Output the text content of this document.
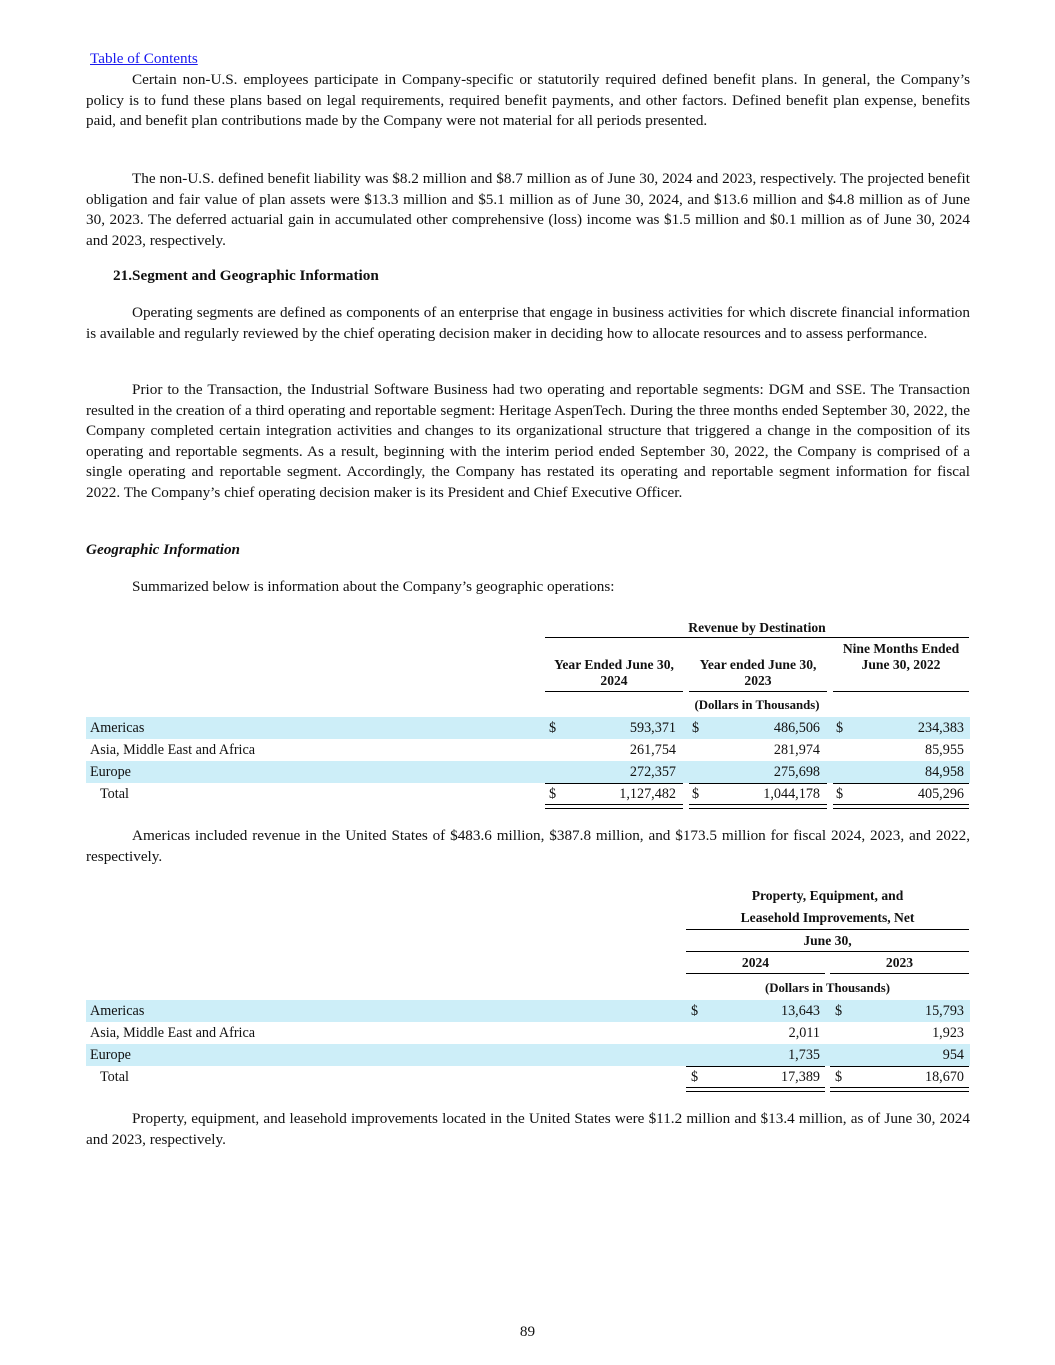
Table of Contents

Certain non-U.S. employees participate in Company-specific or statutorily required defined benefit plans. In general, the Company’s policy is to fund these plans based on legal requirements, required benefit payments, and other factors. Defined benefit plan expense, benefits paid, and benefit plan contributions made by the Company were not material for all periods presented.

The non-U.S. defined benefit liability was $8.2 million and $8.7 million as of June 30, 2024 and 2023, respectively. The projected benefit obligation and fair value of plan assets were $13.3 million and $5.1 million as of June 30, 2024, and $13.6 million and $4.8 million as of June 30, 2023. The deferred actuarial gain in accumulated other comprehensive (loss) income was $1.5 million and $0.1 million as of June 30, 2024 and 2023, respectively.

21.Segment and Geographic Information

Operating segments are defined as components of an enterprise that engage in business activities for which discrete financial information is available and regularly reviewed by the chief operating decision maker in deciding how to allocate resources and to assess performance.

Prior to the Transaction, the Industrial Software Business had two operating and reportable segments: DGM and SSE. The Transaction resulted in the creation of a third operating and reportable segment: Heritage AspenTech. During the three months ended September 30, 2022, the Company completed certain integration activities and changes to its organizational structure that triggered a change in the composition of its operating and reportable segments. As a result, beginning with the interim period ended September 30, 2022, the Company is comprised of a single operating and reportable segment. Accordingly, the Company has restated its operating and reportable segment information for fiscal 2022. The Company’s chief operating decision maker is its President and Chief Executive Officer.

Geographic Information

Summarized below is information about the Company’s geographic operations:

Revenue by Destination
Year Ended June 30, 2024
Year ended June 30, 2023
Nine Months Ended June 30, 2022
(Dollars in Thousands)
Americas	$	593,371 $	486,506 $	234,383
Asia, Middle East and Africa	261,754	281,974	85,955
Europe	272,357	275,698	84,958
Total	$	1,127,482 $	1,044,178 $	405,296

Americas included revenue in the United States of $483.6 million, $387.8 million, and $173.5 million for fiscal 2024, 2023, and 2022, respectively.

Property, Equipment, and
Leasehold Improvements, Net
June 30,
2024	2023
(Dollars in Thousands)
Americas	$	13,643 $	15,793
Asia, Middle East and Africa	2,011	1,923
Europe	1,735	954
Total	$	17,389 $	18,670

Property, equipment, and leasehold improvements located in the United States were $11.2 million and $13.4 million, as of June 30, 2024 and 2023, respectively.

89
